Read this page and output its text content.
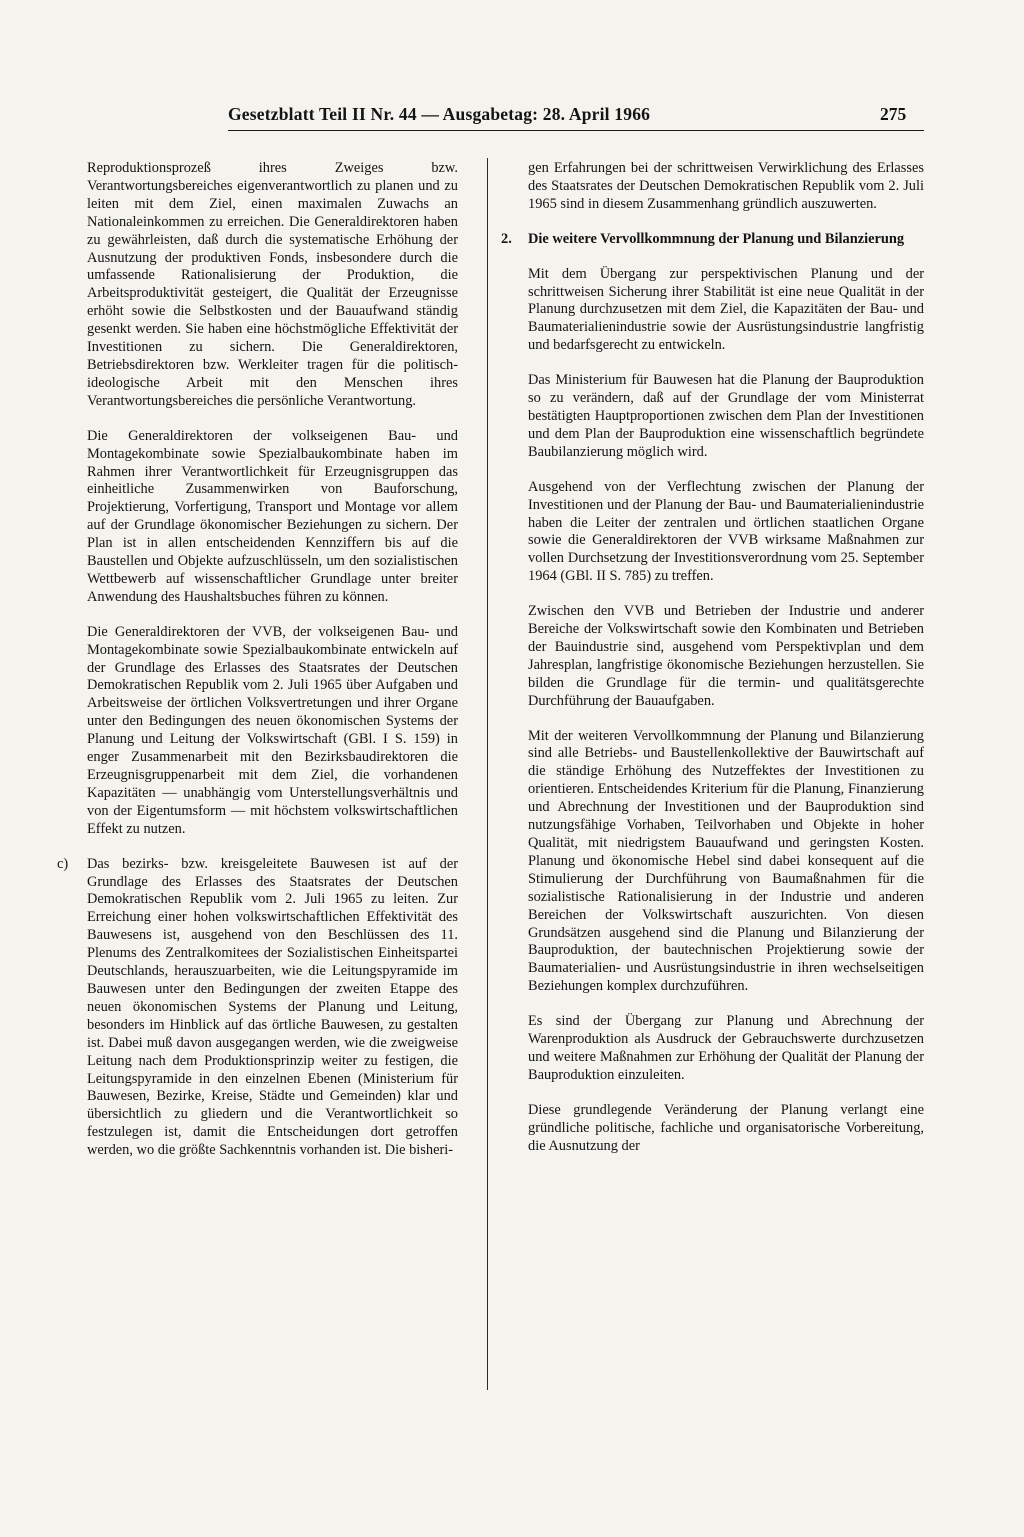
Gesetzblatt Teil II Nr. 44 — Ausgabetag: 28. April 1966	275

Reproduktionsprozeß ihres Zweiges bzw. Verantwortungsbereiches eigenverantwortlich zu planen und zu leiten mit dem Ziel, einen maximalen Zuwachs an Nationaleinkommen zu erreichen. Die Generaldirektoren haben zu gewährleisten, daß durch die systematische Erhöhung der Ausnutzung der produktiven Fonds, insbesondere durch die umfassende Rationalisierung der Produktion, die Arbeitsproduktivität gesteigert, die Qualität der Erzeugnisse erhöht sowie die Selbstkosten und der Bauaufwand ständig gesenkt werden. Sie haben eine höchstmögliche Effektivität der Investitionen zu sichern. Die Generaldirektoren, Betriebsdirektoren bzw. Werkleiter tragen für die politisch-ideologische Arbeit mit den Menschen ihres Verantwortungsbereiches die persönliche Verantwortung.

Die Generaldirektoren der volkseigenen Bau- und Montagekombinate sowie Spezialbaukombinate haben im Rahmen ihrer Verantwortlichkeit für Erzeugnisgruppen das einheitliche Zusammenwirken von Bauforschung, Projektierung, Vorfertigung, Transport und Montage vor allem auf der Grundlage ökonomischer Beziehungen zu sichern. Der Plan ist in allen entscheidenden Kennziffern bis auf die Baustellen und Objekte aufzuschlüsseln, um den sozialistischen Wettbewerb auf wissenschaftlicher Grundlage unter breiter Anwendung des Haushaltsbuches führen zu können.

Die Generaldirektoren der VVB, der volkseigenen Bau- und Montagekombinate sowie Spezialbaukombinate entwickeln auf der Grundlage des Erlasses des Staatsrates der Deutschen Demokratischen Republik vom 2. Juli 1965 über Aufgaben und Arbeitsweise der örtlichen Volksvertretungen und ihrer Organe unter den Bedingungen des neuen ökonomischen Systems der Planung und Leitung der Volkswirtschaft (GBl. I S. 159) in enger Zusammenarbeit mit den Bezirksbaudirektoren die Erzeugnisgruppenarbeit mit dem Ziel, die vorhandenen Kapazitäten — unabhängig vom Unterstellungsverhältnis und von der Eigentumsform — mit höchstem volkswirtschaftlichen Effekt zu nutzen.

c) Das bezirks- bzw. kreisgeleitete Bauwesen ist auf der Grundlage des Erlasses des Staatsrates der Deutschen Demokratischen Republik vom 2. Juli 1965 zu leiten. Zur Erreichung einer hohen volkswirtschaftlichen Effektivität des Bauwesens ist, ausgehend von den Beschlüssen des 11. Plenums des Zentralkomitees der Sozialistischen Einheitspartei Deutschlands, herauszuarbeiten, wie die Leitungspyramide im Bauwesen unter den Bedingungen der zweiten Etappe des neuen ökonomischen Systems der Planung und Leitung, besonders im Hinblick auf das örtliche Bauwesen, zu gestalten ist. Dabei muß davon ausgegangen werden, wie die zweigweise Leitung nach dem Produktionsprinzip weiter zu festigen, die Leitungspyramide in den einzelnen Ebenen (Ministerium für Bauwesen, Bezirke, Kreise, Städte und Gemeinden) klar und übersichtlich zu gliedern und die Verantwortlichkeit so festzulegen ist, damit die Entscheidungen dort getroffen werden, wo die größte Sachkenntnis vorhanden ist. Die bisheri-

gen Erfahrungen bei der schrittweisen Verwirklichung des Erlasses des Staatsrates der Deutschen Demokratischen Republik vom 2. Juli 1965 sind in diesem Zusammenhang gründlich auszuwerten.

2. Die weitere Vervollkommnung der Planung und Bilanzierung

Mit dem Übergang zur perspektivischen Planung und der schrittweisen Sicherung ihrer Stabilität ist eine neue Qualität in der Planung durchzusetzen mit dem Ziel, die Kapazitäten der Bau- und Baumaterialienindustrie sowie der Ausrüstungsindustrie langfristig und bedarfsgerecht zu entwickeln.

Das Ministerium für Bauwesen hat die Planung der Bauproduktion so zu verändern, daß auf der Grundlage der vom Ministerrat bestätigten Hauptproportionen zwischen dem Plan der Investitionen und dem Plan der Bauproduktion eine wissenschaftlich begründete Baubilanzierung möglich wird.

Ausgehend von der Verflechtung zwischen der Planung der Investitionen und der Planung der Bau- und Baumaterialienindustrie haben die Leiter der zentralen und örtlichen staatlichen Organe sowie die Generaldirektoren der VVB wirksame Maßnahmen zur vollen Durchsetzung der Investitionsverordnung vom 25. September 1964 (GBl. II S. 785) zu treffen.

Zwischen den VVB und Betrieben der Industrie und anderer Bereiche der Volkswirtschaft sowie den Kombinaten und Betrieben der Bauindustrie sind, ausgehend vom Perspektivplan und dem Jahresplan, langfristige ökonomische Beziehungen herzustellen. Sie bilden die Grundlage für die termin- und qualitätsgerechte Durchführung der Bauaufgaben.

Mit der weiteren Vervollkommnung der Planung und Bilanzierung sind alle Betriebs- und Baustellenkollektive der Bauwirtschaft auf die ständige Erhöhung des Nutzeffektes der Investitionen zu orientieren. Entscheidendes Kriterium für die Planung, Finanzierung und Abrechnung der Investitionen und der Bauproduktion sind nutzungsfähige Vorhaben, Teilvorhaben und Objekte in hoher Qualität, mit niedrigstem Bauaufwand und geringsten Kosten. Planung und ökonomische Hebel sind dabei konsequent auf die Stimulierung der Durchführung von Baumaßnahmen für die sozialistische Rationalisierung in der Industrie und anderen Bereichen der Volkswirtschaft auszurichten. Von diesen Grundsätzen ausgehend sind die Planung und Bilanzierung der Bauproduktion, der bautechnischen Projektierung sowie der Baumaterialien- und Ausrüstungsindustrie in ihren wechselseitigen Beziehungen komplex durchzuführen.

Es sind der Übergang zur Planung und Abrechnung der Warenproduktion als Ausdruck der Gebrauchswerte durchzusetzen und weitere Maßnahmen zur Erhöhung der Qualität der Planung der Bauproduktion einzuleiten.

Diese grundlegende Veränderung der Planung verlangt eine gründliche politische, fachliche und organisatorische Vorbereitung, die Ausnutzung der
